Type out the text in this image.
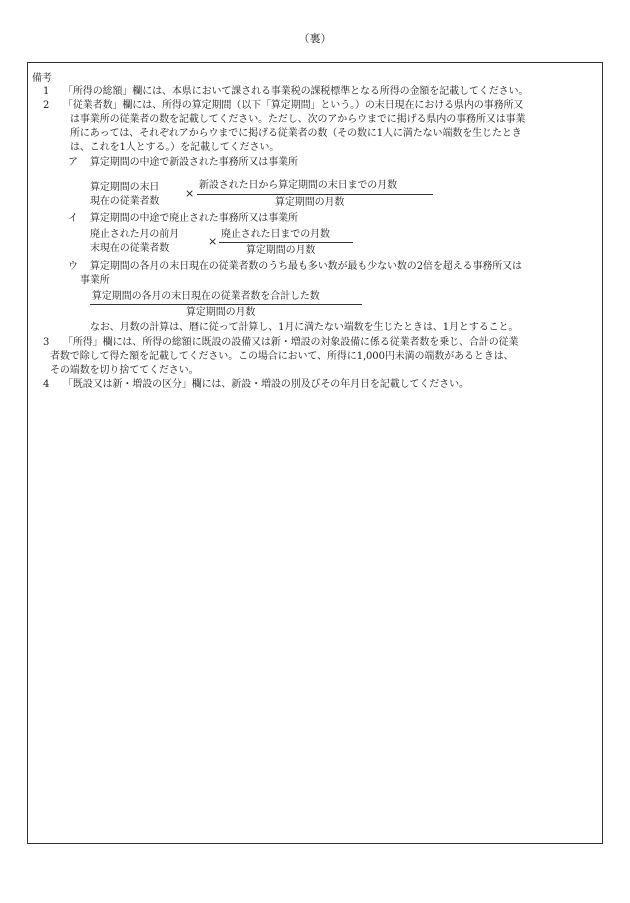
（裏）
備考
1 「所得の総額」欄には、本県において課される事業税の課税標準となる所得の金額を記載してください。
2 「従業者数」欄には、所得の算定期間（以下「算定期間」という。）の末日現在における県内の事務所又
は事業所の従業者の数を記載してください。ただし、次のアからウまでに掲げる県内の事務所又は事業
所にあっては、それぞれアからウまでに掲げる従業者の数（その数に1人に満たない端数を生じたとき
は、これを1人とする。）を記載してください。
ア 算定期間の中途で新設された事務所又は事業所
算定期間の末日
現在の従業者数
×
新設された日から算定期間の末日までの月数
算定期間の月数
イ 算定期間の中途で廃止された事務所又は事業所
廃止された月の前月
末現在の従業者数
×
廃止された日までの月数
算定期間の月数
ウ 算定期間の各月の末日現在の従業者数のうち最も多い数が最も少ない数の2倍を超える事務所又は
事業所
算定期間の各月の末日現在の従業者数を合計した数
算定期間の月数
なお、月数の計算は、暦に従って計算し、1月に満たない端数を生じたときは、1月とすること。
3 「所得」欄には、所得の総額に既設の設備又は新・増設の対象設備に係る従業者数を乗じ、合計の従業
者数で除して得た額を記載してください。この場合において、所得に1,000円未満の端数があるときは、
その端数を切り捨ててください。
4 「既設又は新・増設の区分」欄には、新設・増設の別及びその年月日を記載してください。
